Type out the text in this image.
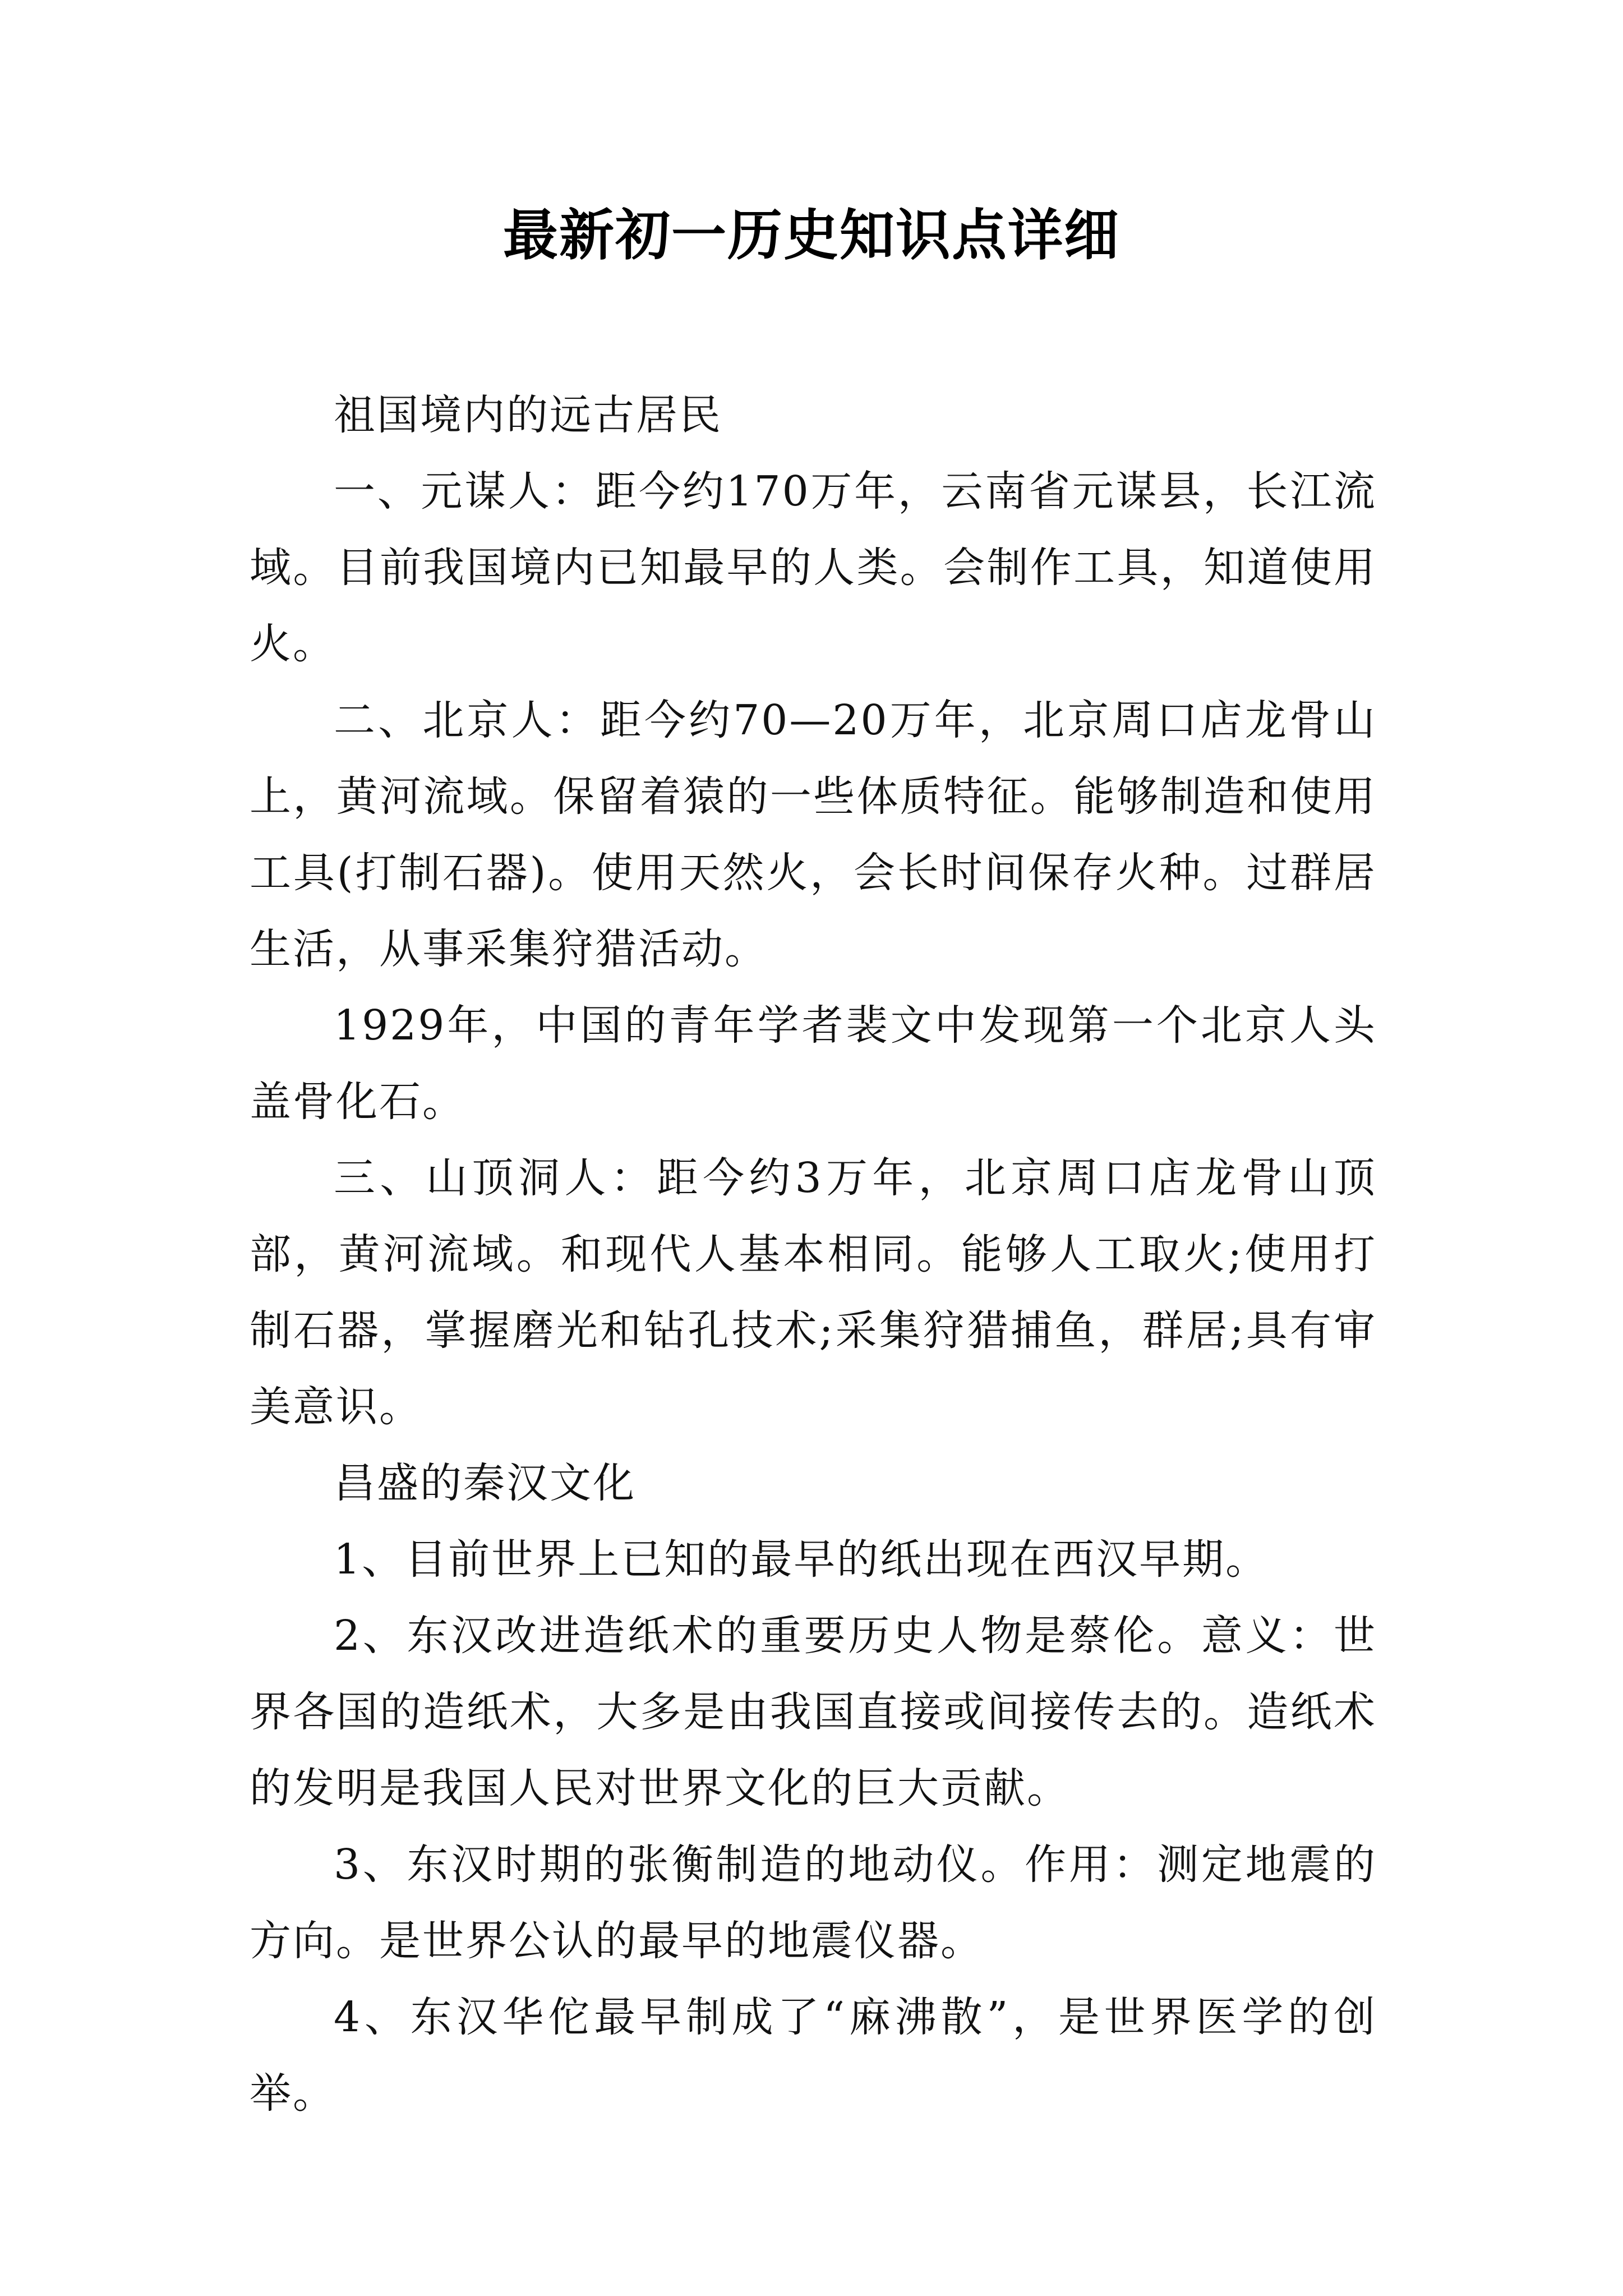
最新初一历史知识点详细

祖国境内的远古居民

一、元谋人：距今约170万年，云南省元谋县，长江流域。目前我国境内已知最早的人类。会制作工具，知道使用火。

二、北京人：距今约70—20万年，北京周口店龙骨山上，黄河流域。保留着猿的一些体质特征。能够制造和使用工具(打制石器)。使用天然火，会长时间保存火种。过群居生活，从事采集狩猎活动。

1929年，中国的青年学者裴文中发现第一个北京人头盖骨化石。

三、山顶洞人：距今约3万年，北京周口店龙骨山顶部，黄河流域。和现代人基本相同。能够人工取火;使用打制石器，掌握磨光和钻孔技术;采集狩猎捕鱼，群居;具有审美意识。

昌盛的秦汉文化

1、目前世界上已知的最早的纸出现在西汉早期。

2、东汉改进造纸术的重要历史人物是蔡伦。意义：世界各国的造纸术，大多是由我国直接或间接传去的。造纸术的发明是我国人民对世界文化的巨大贡献。

3、东汉时期的张衡制造的地动仪。作用：测定地震的方向。是世界公认的最早的地震仪器。

4、东汉华佗最早制成了“麻沸散”，是世界医学的创举。
